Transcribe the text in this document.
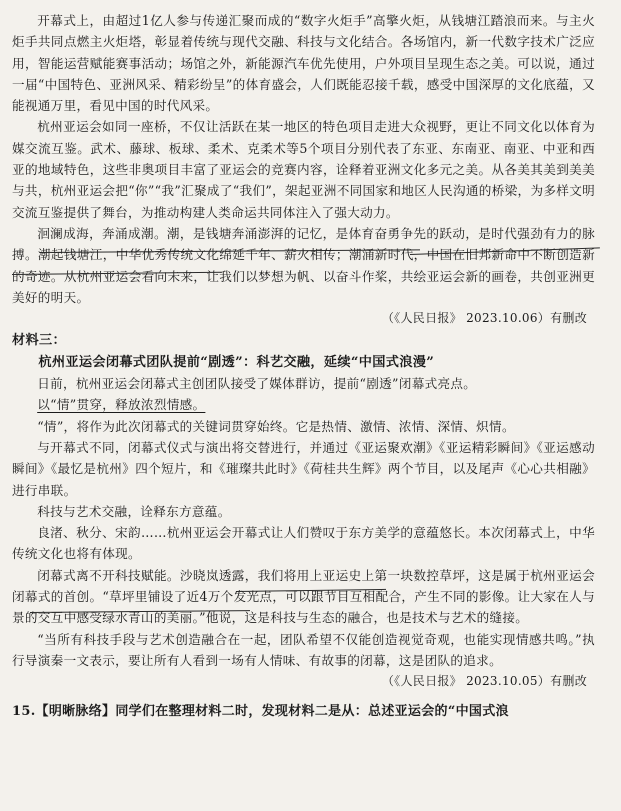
开幕式上，由超过1亿人参与传递汇聚而成的“数字火炬手”高擎火炬，从钱塘江踏浪而来。与主火炬手共同点燃主火炬塔，彰显着传统与现代交融、科技与文化结合。各场馆内，新一代数字技术广泛应用，智能运营赋能赛事活动；场馆之外，新能源汽车优先使用，户外项目呈现生态之美。可以说，通过一届“中国特色、亚洲风采、精彩纷呈”的体育盛会，人们既能忍接千载，感受中国深厚的文化底蕴，又能视通万里，看见中国的时代风采。

杭州亚运会如同一座桥，不仅让活跃在某一地区的特色项目走进大众视野，更让不同文化以体育为媒交流互鉴。武术、藤球、板球、柔术、克柔术等5个项目分别代表了东亚、东南亚、南亚、中亚和西亚的地域特色，这些非奥项目丰富了亚运会的竞赛内容，诠释着亚洲文化多元之美。从各美其美到美美与共，杭州亚运会把“你”“我”汇聚成了“我们”，架起亚洲不同国家和地区人民沟通的桥梁，为多样文明交流互鉴提供了舞台，为推动构建人类命运共同体注入了强大动力。

洄澜成海，奔涌成潮。潮，是钱塘奔涌澎湃的记忆，是体育奋勇争先的跃动，是时代强劲有力的脉搏。潮起钱塘江，中华优秀传统文化绵延千年、薪火相传；潮涌新时代，中国在旧邦新命中不断创造新的奇迹。从杭州亚运会看向未来，让我们以梦想为帆、以奋斗作桨，共绘亚运会新的画卷，共创亚洲更美好的明天。

（《人民日报》 2023.10.06）有删改

材料三：

杭州亚运会闭幕式团队提前“剧透”：科艺交融，延续“中国式浪漫”

日前，杭州亚运会闭幕式主创团队接受了媒体群访，提前“剧透”闭幕式亮点。

以“情”贯穿，释放浓烈情感。

“情”，将作为此次闭幕式的关键词贯穿始终。它是热情、激情、浓情、深情、炽情。

与开幕式不同，闭幕式仪式与演出将交替进行，并通过《亚运聚欢潮》《亚运精彩瞬间》《亚运感动瞬间》《最忆是杭州》四个短片，和《璀璨共此时》《荷桂共生辉》两个节目，以及尾声《心心共相融》进行串联。

科技与艺术交融，诠释东方意蕴。

良渚、秋分、宋韵……杭州亚运会开幕式让人们赞叹于东方美学的意蕴悠长。本次闭幕式上，中华传统文化也将有体现。

闭幕式离不开科技赋能。沙晓岚透露，我们将用上亚运史上第一块数控草坪，这是属于杭州亚运会闭幕式的首创。“草坪里铺设了近4万个发光点，可以跟节目互相配合，产生不同的影像。让大家在人与景的交互中感受绿水青山的美丽。”他说，这是科技与生态的融合，也是技术与艺术的缝接。

“当所有科技手段与艺术创造融合在一起，团队希望不仅能创造视觉奇观，也能实现情感共鸣。”执行导演秦一文表示，要让所有人看到一场有人情味、有故事的闭幕，这是团队的追求。

（《人民日报》 2023.10.05）有删改

15.【明晰脉络】同学们在整理材料二时，发现材料二是从：总述亚运会的“中国式浪
